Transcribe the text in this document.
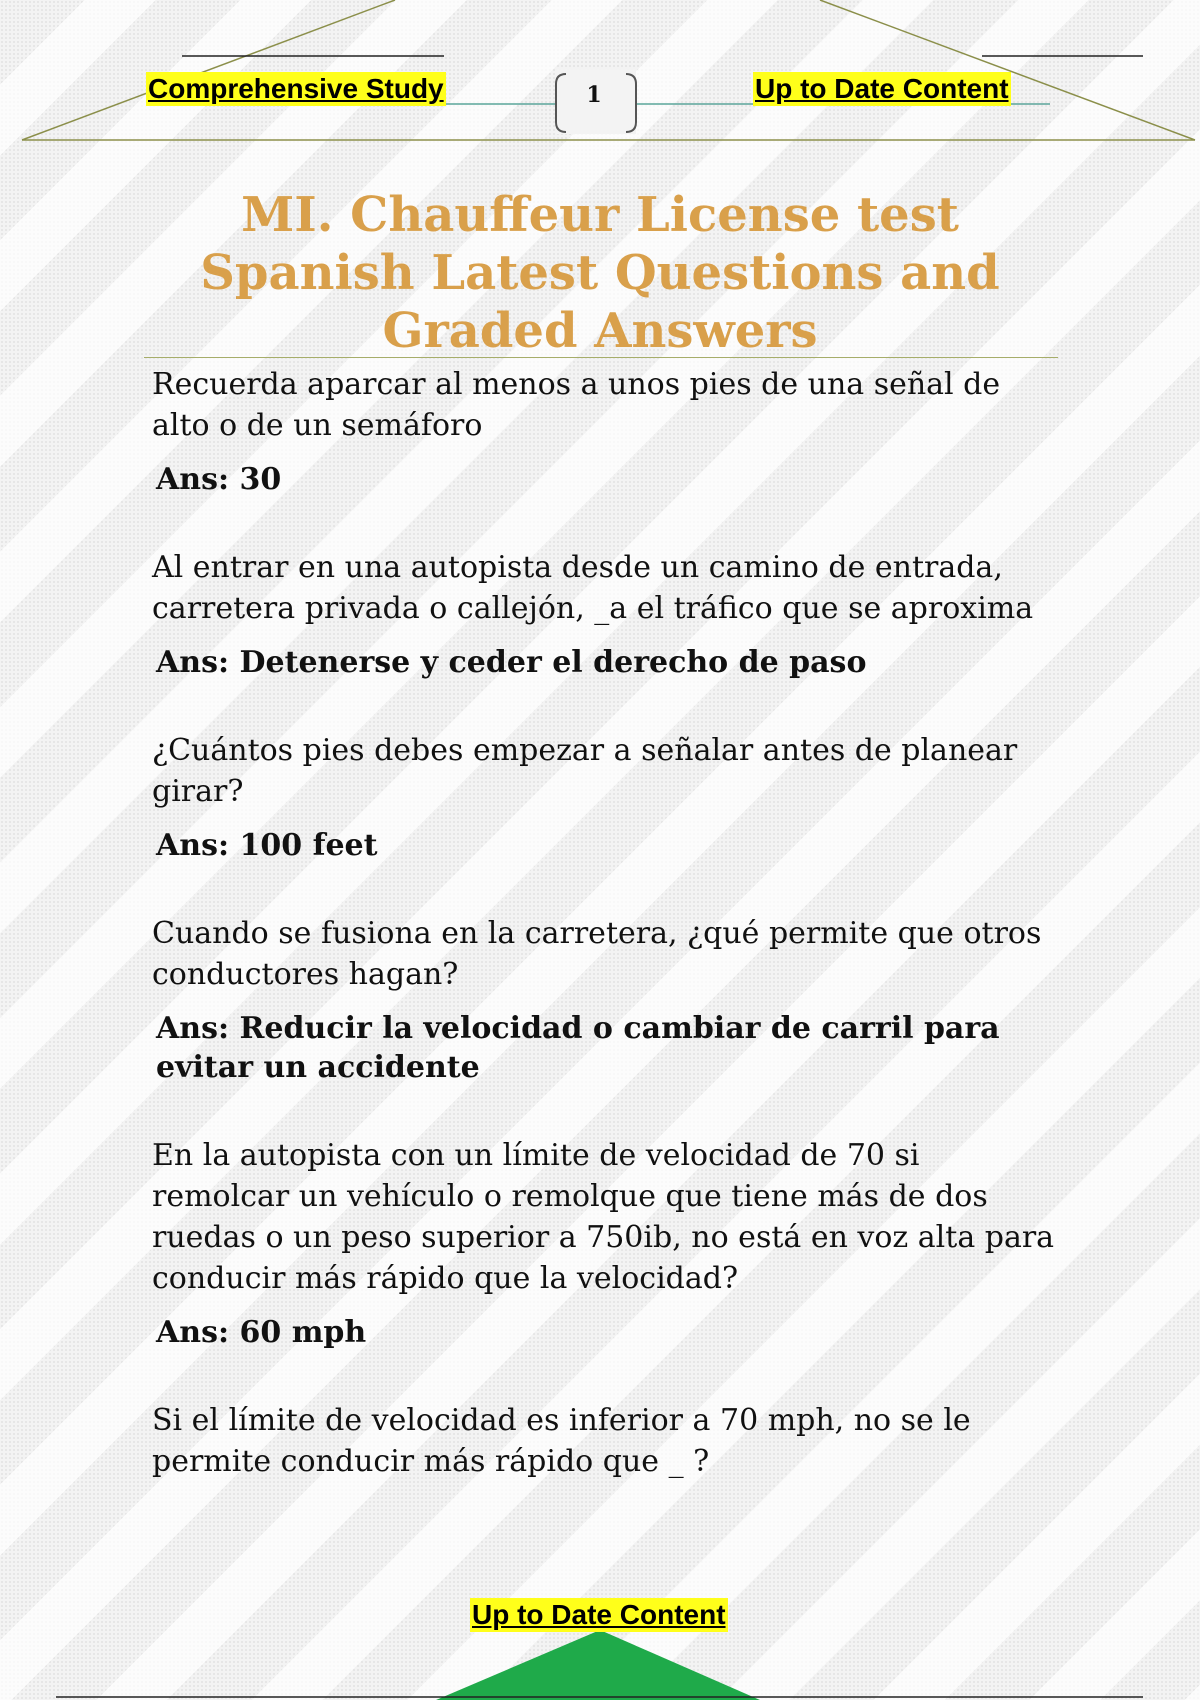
Comprehensive Study	1	Up to Date Content
MI. Chauffeur License test Spanish Latest Questions and Graded Answers
Recuerda aparcar al menos a unos pies de una señal de alto o de un semáforo
Ans: 30
Al entrar en una autopista desde un camino de entrada, carretera privada o callejón, _a el tráfico que se aproxima
Ans: Detenerse y ceder el derecho de paso
¿Cuántos pies debes empezar a señalar antes de planear girar?
Ans: 100 feet
Cuando se fusiona en la carretera, ¿qué permite que otros conductores hagan?
Ans: Reducir la velocidad o cambiar de carril para evitar un accidente
En la autopista con un límite de velocidad de 70 si remolcar un vehículo o remolque que tiene más de dos ruedas o un peso superior a 750ib, no está en voz alta para conducir más rápido que la velocidad?
Ans: 60 mph
Si el límite de velocidad es inferior a 70 mph, no se le permite conducir más rápido que _ ?
Up to Date Content
